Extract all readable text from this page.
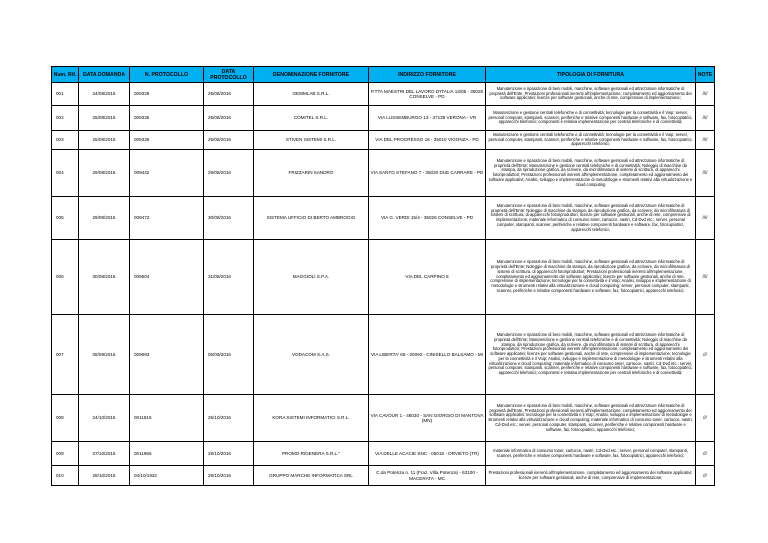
Num. Rif.	DATA DOMANDA	N. PROTOCOLLO	DATA PROTOCOLLO	DENOMINAZIONE FORNITORE	INDIRIZZO FORNITORE	TIPOLOGIA DI FORNITURA	NOTE
001	24/08/2016	009328	25/08/2016	GEMMLAB S.R.L.	P.TTA MAESTRI DEL LAVORO D'ITALIA 13/05 - 35026 CONSELVE - PD	Manutenzione e riparazione di beni mobili, macchine, software gestionali ed attrezzature informatiche di proprietà dell'Ente; Prestazioni professionali inerenti all'implementazione, completamento ed aggiornamento dei software applicativi; licenze per software gestionali, anche di rete, comprensive di implementazione;	////
002	25/08/2016	009335	25/08/2016	COMITEL S.R.L.	VIA LUSSEMBURGO 13 - 37135 VERONA - VR	Manutenzione e gestione centrali telefoniche e di connettività; tecnologie per la connettività e il Voip; server, personal computer, stampanti, scanner, periferiche e relative componenti hardware e software, fax, fotocopiatrici, apparecchi telefonici; componenti e relativa implementazione per centrali telefoniche e di connettività;	////
003	25/08/2016	009336	25/08/2016	STIVEN SISTEMI S.R.L.	VIA DEL PROGRESSO 16 - 35010 VIGONZA - PD	Manutenzione e gestione centrali telefoniche e di connettività; tecnologie per la connettività e il Voip; server, personal computer, stampanti, scanner, periferiche e relative componenti hardware e software, fax, fotocopiatrici, apparecchi telefonici;	////
004	29/08/2016	009442	29/08/2016	FRIZZARIN SANDRO	VIA SANTO STEFANO 7 - 35020 DUE CARRARE - PD	Manutenzione e riparazione di beni mobili, macchine, software gestionali ed attrezzature informatiche di proprietà dell'Ente; Manutenzione e gestione centrali telefoniche e di connettività; Noleggio di macchine da stampa, da riproduzione grafica, da scrivere, da microfilmatura di sistemi di scrittura, di apparecchi fotoriproduttori; Prestazioni professionali inerenti all'implementazione, completamento ed aggiornamento dei software applicativi; Analisi, sviluppo e implementazione di metodologie e strumenti relativi alla virtualizzazione e cloud computing	////
005	29/08/2016	009472	30/08/2016	SISTEMA UFFICIO DI BERTO AMBROGIO	VIA G. VERDI 15/4 - 35026 CONSELVE - PD	Manutenzione e riparazione di beni mobili, macchine, software gestionali ed attrezzature informatiche di proprietà dell'Ente; Noleggio di macchine da stampa, da riproduzione grafica, da scrivere, da microfilmatura di sistemi di scrittura, di apparecchi fotoriproduttori; licenze per software gestionali, anche di rete, comprensive di implementazione; materiale informatico di consumo toner, cartucce, nastri, Cd-Dvd etc.; server, personal computer, stampanti, scanner, periferiche e relative componenti hardware e software, fax, fotocopiatrici, apparecchi telefonici;	////
006	30/08/2016	009504	31/08/2016	MAGGIOLI S.P.A.	VIA DEL CARPINO 8	Manutenzione e riparazione di beni mobili, macchine, software gestionali ed attrezzature informatiche di proprietà dell'Ente; Noleggio di macchine da stampa, da riproduzione grafica, da scrivere, da microfilmatura di sistemi di scrittura, di apparecchi fotoriproduttori; Prestazioni professionali inerenti all'implementazione, completamento ed aggiornamento dei software applicativi; licenze per software gestionali, anche di rete, comprensive di implementazione; tecnologie per la connettività e il Voip; Analisi, sviluppo e implementazione di metodologie e strumenti relativi alla virtualizzazione e cloud computing; server, personal computer, stampanti, scanner, periferiche e relative componenti hardware e software, fax, fotocopiatrici, apparecchi telefonici;	////
007	06/09/2016	009693	06/09/2016	VODACOM S.A.S.	VIA LIBERTA' 69 - 20092 - CINISELLO BALSAMO - MI	Manutenzione e riparazione di beni mobili, macchine, software gestionali ed attrezzature informatiche di proprietà dell'Ente; Manutenzione e gestione centrali telefoniche e di connettività; Noleggio di macchine da stampa, da riproduzione grafica, da scrivere, da microfilmatura di sistemi di scrittura, di apparecchi fotoriproduttori; Prestazioni professionali inerenti all'implementazione, completamento ed aggiornamento dei software applicativi; licenze per software gestionali, anche di rete, comprensive di implementazione; tecnologie per la connettività e il Voip; Analisi, sviluppo e implementazione di metodologie e strumenti relativi alla virtualizzazione e cloud computing; materiale informatico di consumo toner, cartucce, nastri, Cd-Dvd etc.; server, personal computer, stampanti, scanner, periferiche e relative componenti hardware e software, fax, fotocopiatrici, apparecchi telefonici; componenti e relativa implementazione per centrali telefoniche e di connettività;	///
008	24/10/2016	0011816	25/10/2016	KORA SISTEMI INFORMATICI S.R.L.	VIA CAVOUR 1 - 46030 - SAN GIORGIO DI MANTOVA (MN)	Manutenzione e riparazione di beni mobili, macchine, software gestionali ed attrezzature informatiche di proprietà dell'Ente; Prestazioni professionali inerenti all'implementazione, completamento ed aggiornamento dei software applicativi; tecnologie per la connettività e il Voip; Analisi, sviluppo e implementazione di metodologie e strumenti relativi alla virtualizzazione e cloud computing; materiale informatico di consumo toner, cartucce, nastri, Cd-Dvd etc.; server, personal computer, stampanti, scanner, periferiche e relative componenti hardware e software, fax, fotocopiatrici, apparecchi telefonici;	///
009	27/10/2016	0011956	28/10/2016	PROMO RIGENERA S.R.L."	VIA DELLE ACACIE SNC - 05018 - ORVIETO (TR)	materiale informatico di consumo toner, cartucce, nastri, Cd-Dvd etc.; server, personal computer, stampanti, scanner, periferiche e relative componenti hardware e software, fax, fotocopiatrici, apparecchi telefonici;	///
010	28/10/2016	04/10/1932	28/10/2016	GRUPPO MARCHE INFORMATICA SRL	C.da Potenza n. 11 (Fraz. Villa Potenza) - 62100 - MACERATA - MC	Prestazioni professionali inerenti all'implementazione, completamento ed aggiornamento dei software applicativi; licenze per software gestionali, anche di rete, comprensive di implementazione;	///
